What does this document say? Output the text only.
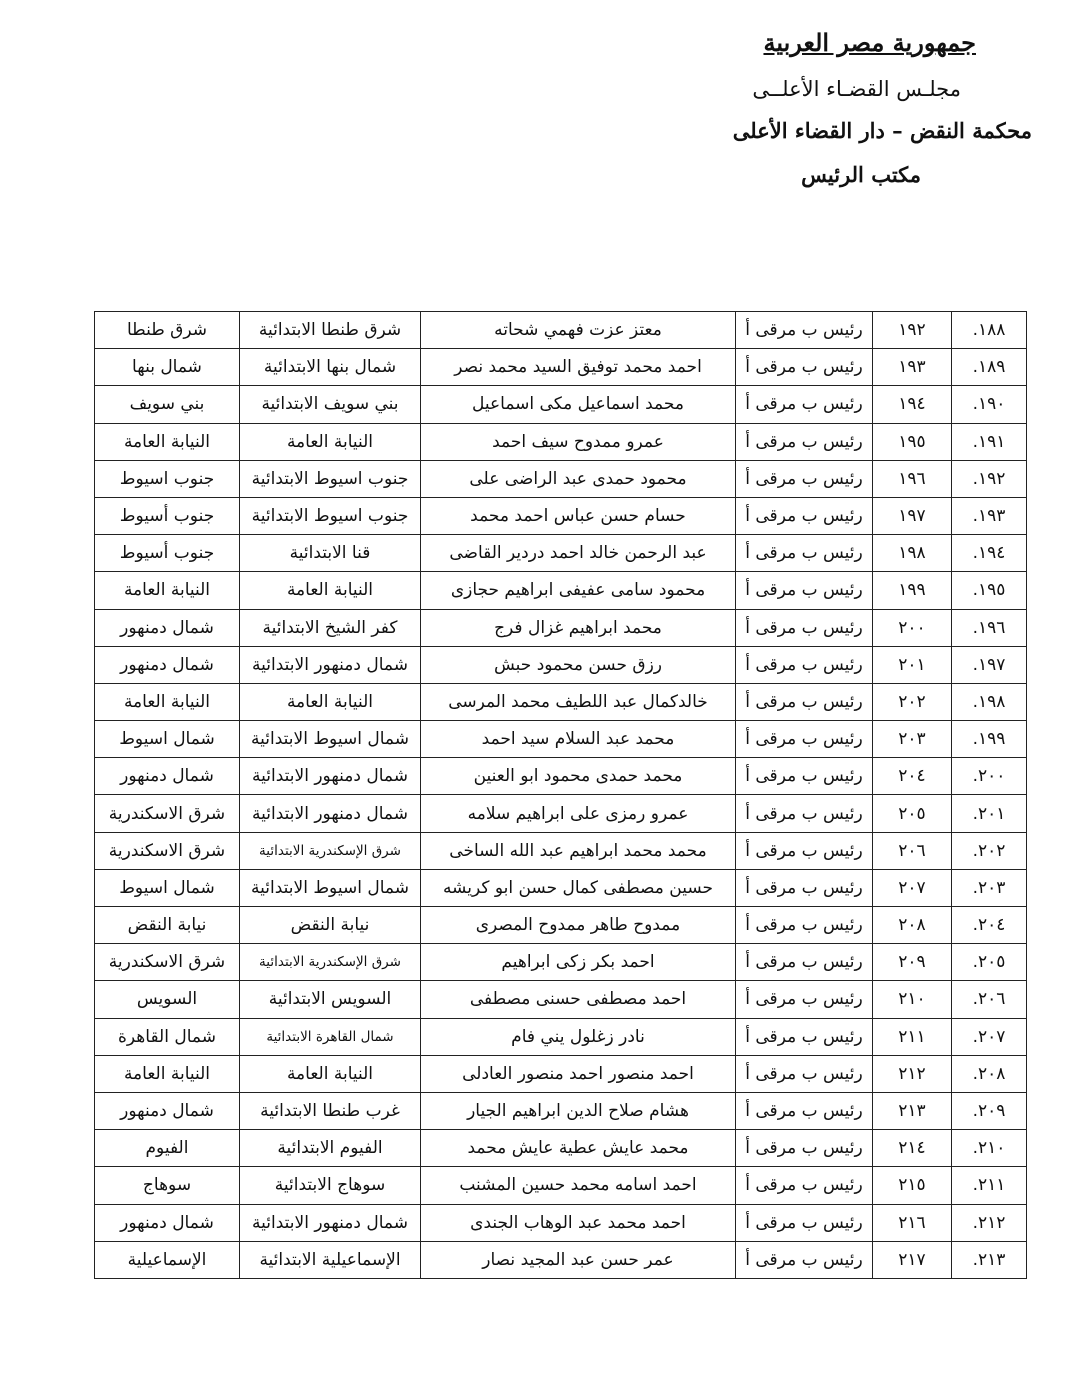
جمهورية مصر العربية
مجلـس القضـاء الأعلــى
محكمة النقض – دار القضاء الأعلى
مكتب الرئيس
١٨٨.	١٩٢	رئيس ب مرقى أ	معتز عزت فهمي شحاته	شرق طنطا الابتدائية	شرق طنطا
١٨٩.	١٩٣	رئيس ب مرقى أ	احمد محمد توفيق السيد محمد نصر	شمال بنها الابتدائية	شمال بنها
١٩٠.	١٩٤	رئيس ب مرقى أ	محمد اسماعيل مكى اسماعيل	بني سويف الابتدائية	بني سويف
١٩١.	١٩٥	رئيس ب مرقى أ	عمرو ممدوح سيف احمد	النيابة العامة	النيابة العامة
١٩٢.	١٩٦	رئيس ب مرقى أ	محمود حمدى عبد الراضى على	جنوب اسيوط الابتدائية	جنوب اسيوط
١٩٣.	١٩٧	رئيس ب مرقى أ	حسام حسن عباس احمد محمد	جنوب اسيوط الابتدائية	جنوب أسيوط
١٩٤.	١٩٨	رئيس ب مرقى أ	عبد الرحمن خالد احمد دردير القاضى	قنا الابتدائية	جنوب أسيوط
١٩٥.	١٩٩	رئيس ب مرقى أ	محمود سامى عفيفى ابراهيم حجازى	النيابة العامة	النيابة العامة
١٩٦.	٢٠٠	رئيس ب مرقى أ	محمد ابراهيم غزال فرج	كفر الشيخ الابتدائية	شمال دمنهور
١٩٧.	٢٠١	رئيس ب مرقى أ	رزق حسن محمود حبش	شمال دمنهور الابتدائية	شمال دمنهور
١٩٨.	٢٠٢	رئيس ب مرقى أ	خالدكمال عبد اللطيف محمد المرسى	النيابة العامة	النيابة العامة
١٩٩.	٢٠٣	رئيس ب مرقى أ	محمد عبد السلام سيد احمد	شمال اسيوط الابتدائية	شمال اسيوط
٢٠٠.	٢٠٤	رئيس ب مرقى أ	محمد حمدى محمود ابو العنين	شمال دمنهور الابتدائية	شمال دمنهور
٢٠١.	٢٠٥	رئيس ب مرقى أ	عمرو رمزى على ابراهيم سلامه	شمال دمنهور الابتدائية	شرق الاسكندرية
٢٠٢.	٢٠٦	رئيس ب مرقى أ	محمد محمد ابراهيم عبد الله الساخى	شرق الإسكندرية الابتدائية	شرق الاسكندرية
٢٠٣.	٢٠٧	رئيس ب مرقى أ	حسين مصطفى كمال حسن ابو كريشه	شمال اسيوط الابتدائية	شمال اسيوط
٢٠٤.	٢٠٨	رئيس ب مرقى أ	ممدوح طاهر ممدوح المصرى	نيابة النقض	نيابة النقض
٢٠٥.	٢٠٩	رئيس ب مرقى أ	احمد بكر زكى ابراهيم	شرق الإسكندرية الابتدائية	شرق الاسكندرية
٢٠٦.	٢١٠	رئيس ب مرقى أ	احمد مصطفى حسنى مصطفى	السويس الابتدائية	السويس
٢٠٧.	٢١١	رئيس ب مرقى أ	نادر زغلول يني فام	شمال القاهرة الابتدائية	شمال القاهرة
٢٠٨.	٢١٢	رئيس ب مرقى أ	احمد منصور احمد منصور العادلى	النيابة العامة	النيابة العامة
٢٠٩.	٢١٣	رئيس ب مرقى أ	هشام صلاح الدين ابراهيم الجيار	غرب طنطا الابتدائية	شمال دمنهور
٢١٠.	٢١٤	رئيس ب مرقى أ	محمد عايش عطية عايش محمد	الفيوم الابتدائية	الفيوم
٢١١.	٢١٥	رئيس ب مرقى أ	احمد اسامه محمد حسين المشنب	سوهاج الابتدائية	سوهاج
٢١٢.	٢١٦	رئيس ب مرقى أ	احمد محمد عبد الوهاب الجندى	شمال دمنهور الابتدائية	شمال دمنهور
٢١٣.	٢١٧	رئيس ب مرقى أ	عمر حسن عبد المجيد نصار	الإسماعيلية الابتدائية	الإسماعيلية
